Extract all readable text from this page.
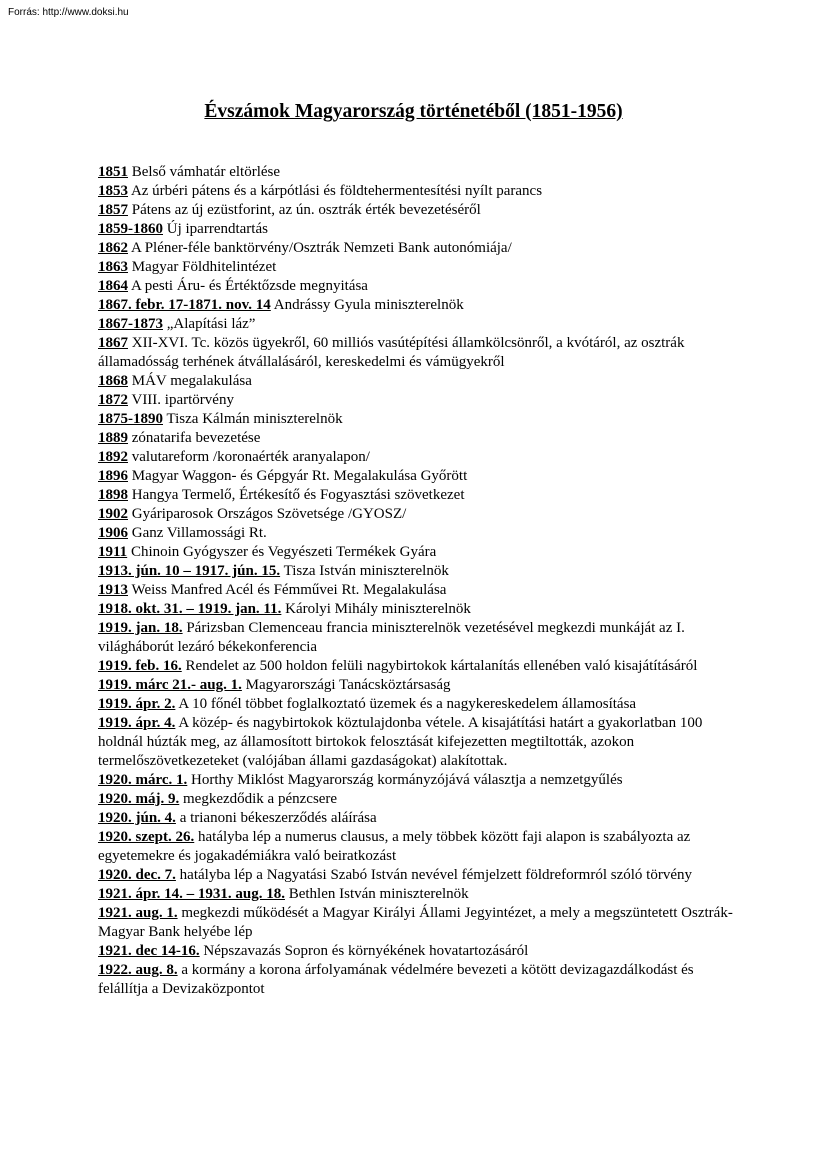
Forrás: http://www.doksi.hu
Évszámok Magyarország történetéből (1851-1956)

1851 Belső vámhatár eltörlése

1853 Az úrbéri pátens és a kárpótlási és földtehermentesítési nyílt parancs

1857 Pátens az új ezüstforint, az ún. osztrák érték bevezetéséről

1859-1860 Új iparrendtartás

1862 A Pléner-féle banktörvény/Osztrák Nemzeti Bank autonómiája/

1863 Magyar Földhitelintézet

1864 A pesti Áru- és Értéktőzsde megnyitása

1867. febr. 17-1871. nov. 14 Andrássy Gyula miniszterelnök

1867-1873 „Alapítási láz”

1867 XII-XVI. Tc. közös ügyekről, 60 milliós vasútépítési államkölcsönről, a kvótáról, az osztrák államadósság terhének átvállalásáról, kereskedelmi és vámügyekről

1868 MÁV megalakulása

1872 VIII. ipartörvény

1875-1890 Tisza Kálmán miniszterelnök

1889 zónatarifa bevezetése

1892 valutareform /koronaérték aranyalapon/

1896 Magyar Waggon- és Gépgyár Rt. Megalakulása Győrött

1898 Hangya Termelő, Értékesítő és Fogyasztási szövetkezet

1902 Gyáriparosok Országos Szövetsége /GYOSZ/

1906 Ganz Villamossági Rt.

1911 Chinoin Gyógyszer és Vegyészeti Termékek Gyára

1913. jún. 10 – 1917. jún. 15. Tisza István miniszterelnök

1913 Weiss Manfred Acél és Fémművei Rt. Megalakulása

1918. okt. 31. – 1919. jan. 11. Károlyi Mihály miniszterelnök

1919. jan. 18. Párizsban Clemenceau francia miniszterelnök vezetésével megkezdi munkáját az I. világháborút lezáró békekonferencia

1919. feb. 16. Rendelet az 500 holdon felüli nagybirtokok kártalanítás ellenében való kisajátításáról

1919. márc 21.- aug. 1. Magyarországi Tanácsköztársaság

1919. ápr. 2. A 10 főnél többet foglalkoztató üzemek és a nagykereskedelem államosítása

1919. ápr. 4. A közép- és nagybirtokok köztulajdonba vétele. A kisajátítási határt a gyakorlatban 100 holdnál húzták meg, az államosított birtokok felosztását kifejezetten megtiltották, azokon termelőszövetkezeteket (valójában állami gazdaságokat) alakítottak.

1920. márc. 1. Horthy Miklóst Magyarország kormányzójává választja a nemzetgyűlés

1920. máj. 9. megkezdődik a pénzcsere

1920. jún. 4. a trianoni békeszerződés aláírása

1920. szept. 26. hatályba lép a numerus clausus, a mely többek között faji alapon is szabályozta az egyetemekre és jogakadémiákra való beiratkozást

1920. dec. 7. hatályba lép a Nagyatási Szabó István nevével fémjelzett földreformról szóló törvény

1921. ápr. 14. – 1931. aug. 18. Bethlen István miniszterelnök

1921. aug. 1. megkezdi működését a Magyar Királyi Állami Jegyintézet, a mely a megszüntetett Osztrák-Magyar Bank helyébe lép

1921. dec 14-16. Népszavazás Sopron és környékének hovatartozásáról

1922. aug. 8. a kormány a korona árfolyamának védelmére bevezeti a kötött devizagazdálkodást és felállítja a Devizaközpontot
